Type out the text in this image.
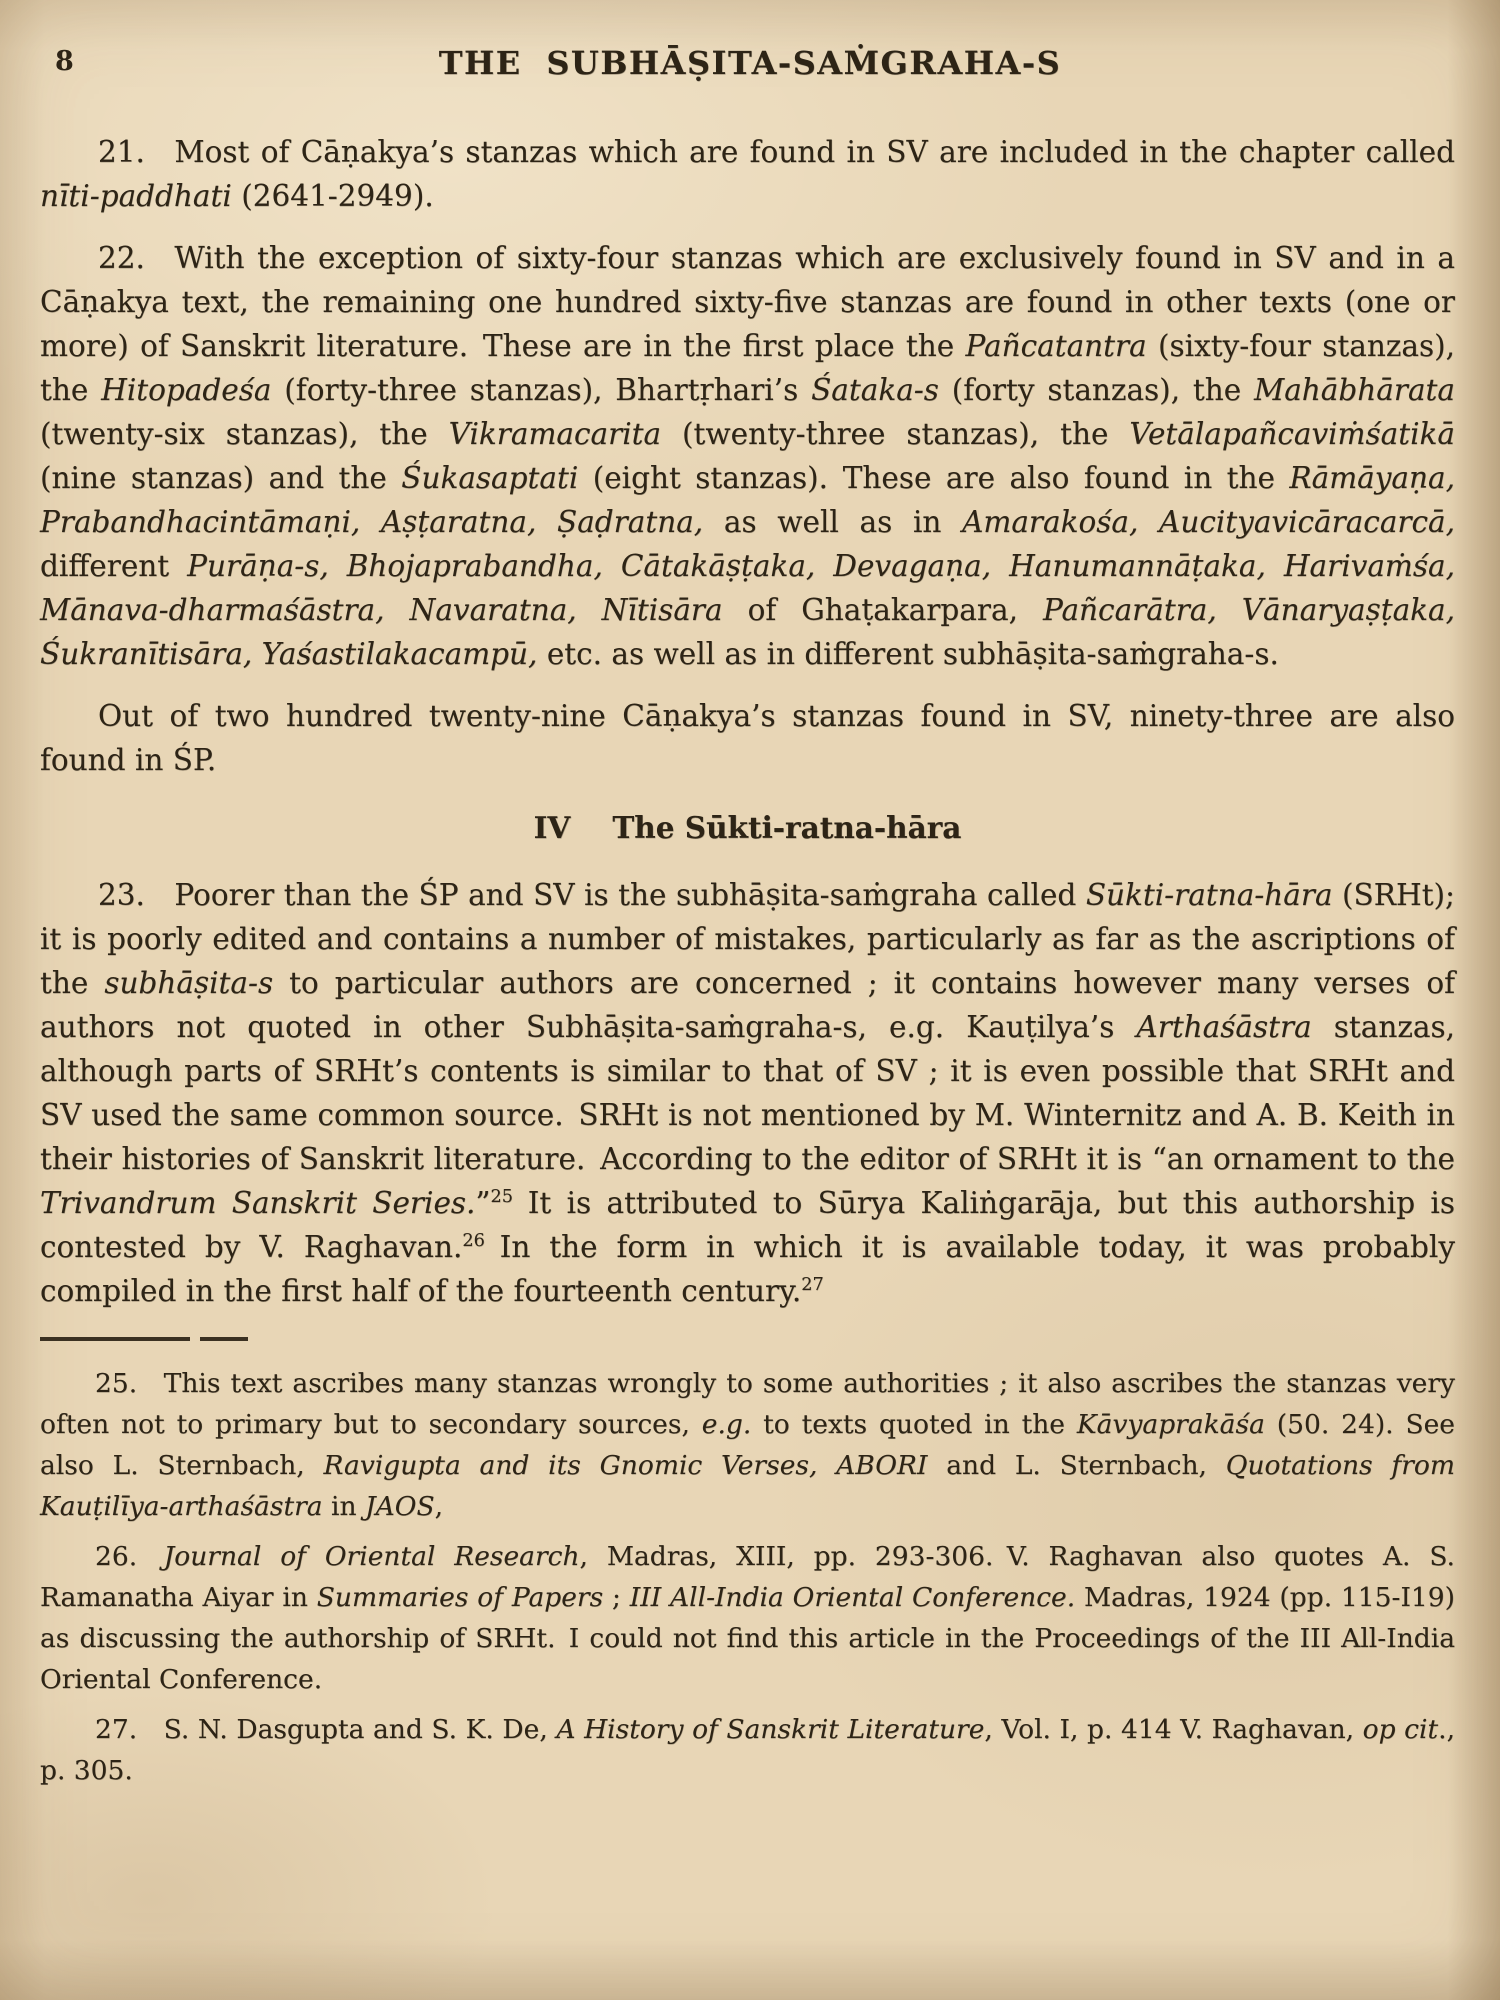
8	THE SUBHĀṢITA-SAṀGRAHA-S

21. Most of Cāṇakya’s stanzas which are found in SV are included in the chapter called nīti-paddhati (2641-2949).

22. With the exception of sixty-four stanzas which are exclusively found in SV and in a Cāṇakya text, the remaining one hundred sixty-five stanzas are found in other texts (one or more) of Sanskrit literature. These are in the first place the Pañcatantra (sixty-four stanzas), the Hitopadeśa (forty-three stanzas), Bhartṛhari’s Śataka-s (forty stanzas), the Mahābhārata (twenty-six stanzas), the Vikramacarita (twenty-three stanzas), the Vetālapañcaviṁśatikā (nine stanzas) and the Śukasaptati (eight stanzas). These are also found in the Rāmāyaṇa, Prabandhacintāmaṇi, Aṣṭaratna, Ṣaḍratna, as well as in Amarakośa, Aucityavicāracarcā, different Purāṇa-s, Bhojaprabandha, Cātakāṣṭaka, Devagaṇa, Hanumannāṭaka, Harivaṁśa, Mānava-dharmaśāstra, Navaratna, Nītisāra of Ghaṭakarpara, Pañcarātra, Vānaryaṣṭaka, Śukranītisāra, Yaśastilakacampū, etc. as well as in different subhāṣita-saṁgraha-s.

Out of two hundred twenty-nine Cāṇakya’s stanzas found in SV, ninety-three are also found in ŚP.

IV The Sūkti-ratna-hāra

23. Poorer than the ŚP and SV is the subhāṣita-saṁgraha called Sūkti-ratna-hāra (SRHt); it is poorly edited and contains a number of mistakes, particularly as far as the ascriptions of the subhāṣita-s to particular authors are concerned ; it contains however many verses of authors not quoted in other Subhāṣita-saṁgraha-s, e.g. Kauṭilya’s Arthaśāstra stanzas, although parts of SRHt’s contents is similar to that of SV ; it is even possible that SRHt and SV used the same common source. SRHt is not mentioned by M. Winternitz and A. B. Keith in their histories of Sanskrit literature. According to the editor of SRHt it is “an ornament to the Trivandrum Sanskrit Series.”$^{25}$ It is attributed to Sūrya Kaliṅgarāja, but this authorship is contested by V. Raghavan.$^{26}$ In the form in which it is available today, it was probably compiled in the first half of the fourteenth century.$^{27}$

25. This text ascribes many stanzas wrongly to some authorities ; it also ascribes the stanzas very often not to primary but to secondary sources, e.g. to texts quoted in the Kāvyaprakāśa (50. 24). See also L. Sternbach, Ravigupta and its Gnomic Verses, ABORI and L. Sternbach, Quotations from Kauṭilīya-arthaśāstra in JAOS,

26. Journal of Oriental Research, Madras, XIII, pp. 293-306. V. Raghavan also quotes A. S. Ramanatha Aiyar in Summaries of Papers ; III All-India Oriental Conference. Madras, 1924 (pp. 115-I19) as discussing the authorship of SRHt. I could not find this article in the Proceedings of the III All-India Oriental Conference.

27. S. N. Dasgupta and S. K. De, A History of Sanskrit Literature, Vol. I, p. 414 V. Raghavan, op cit., p. 305.
